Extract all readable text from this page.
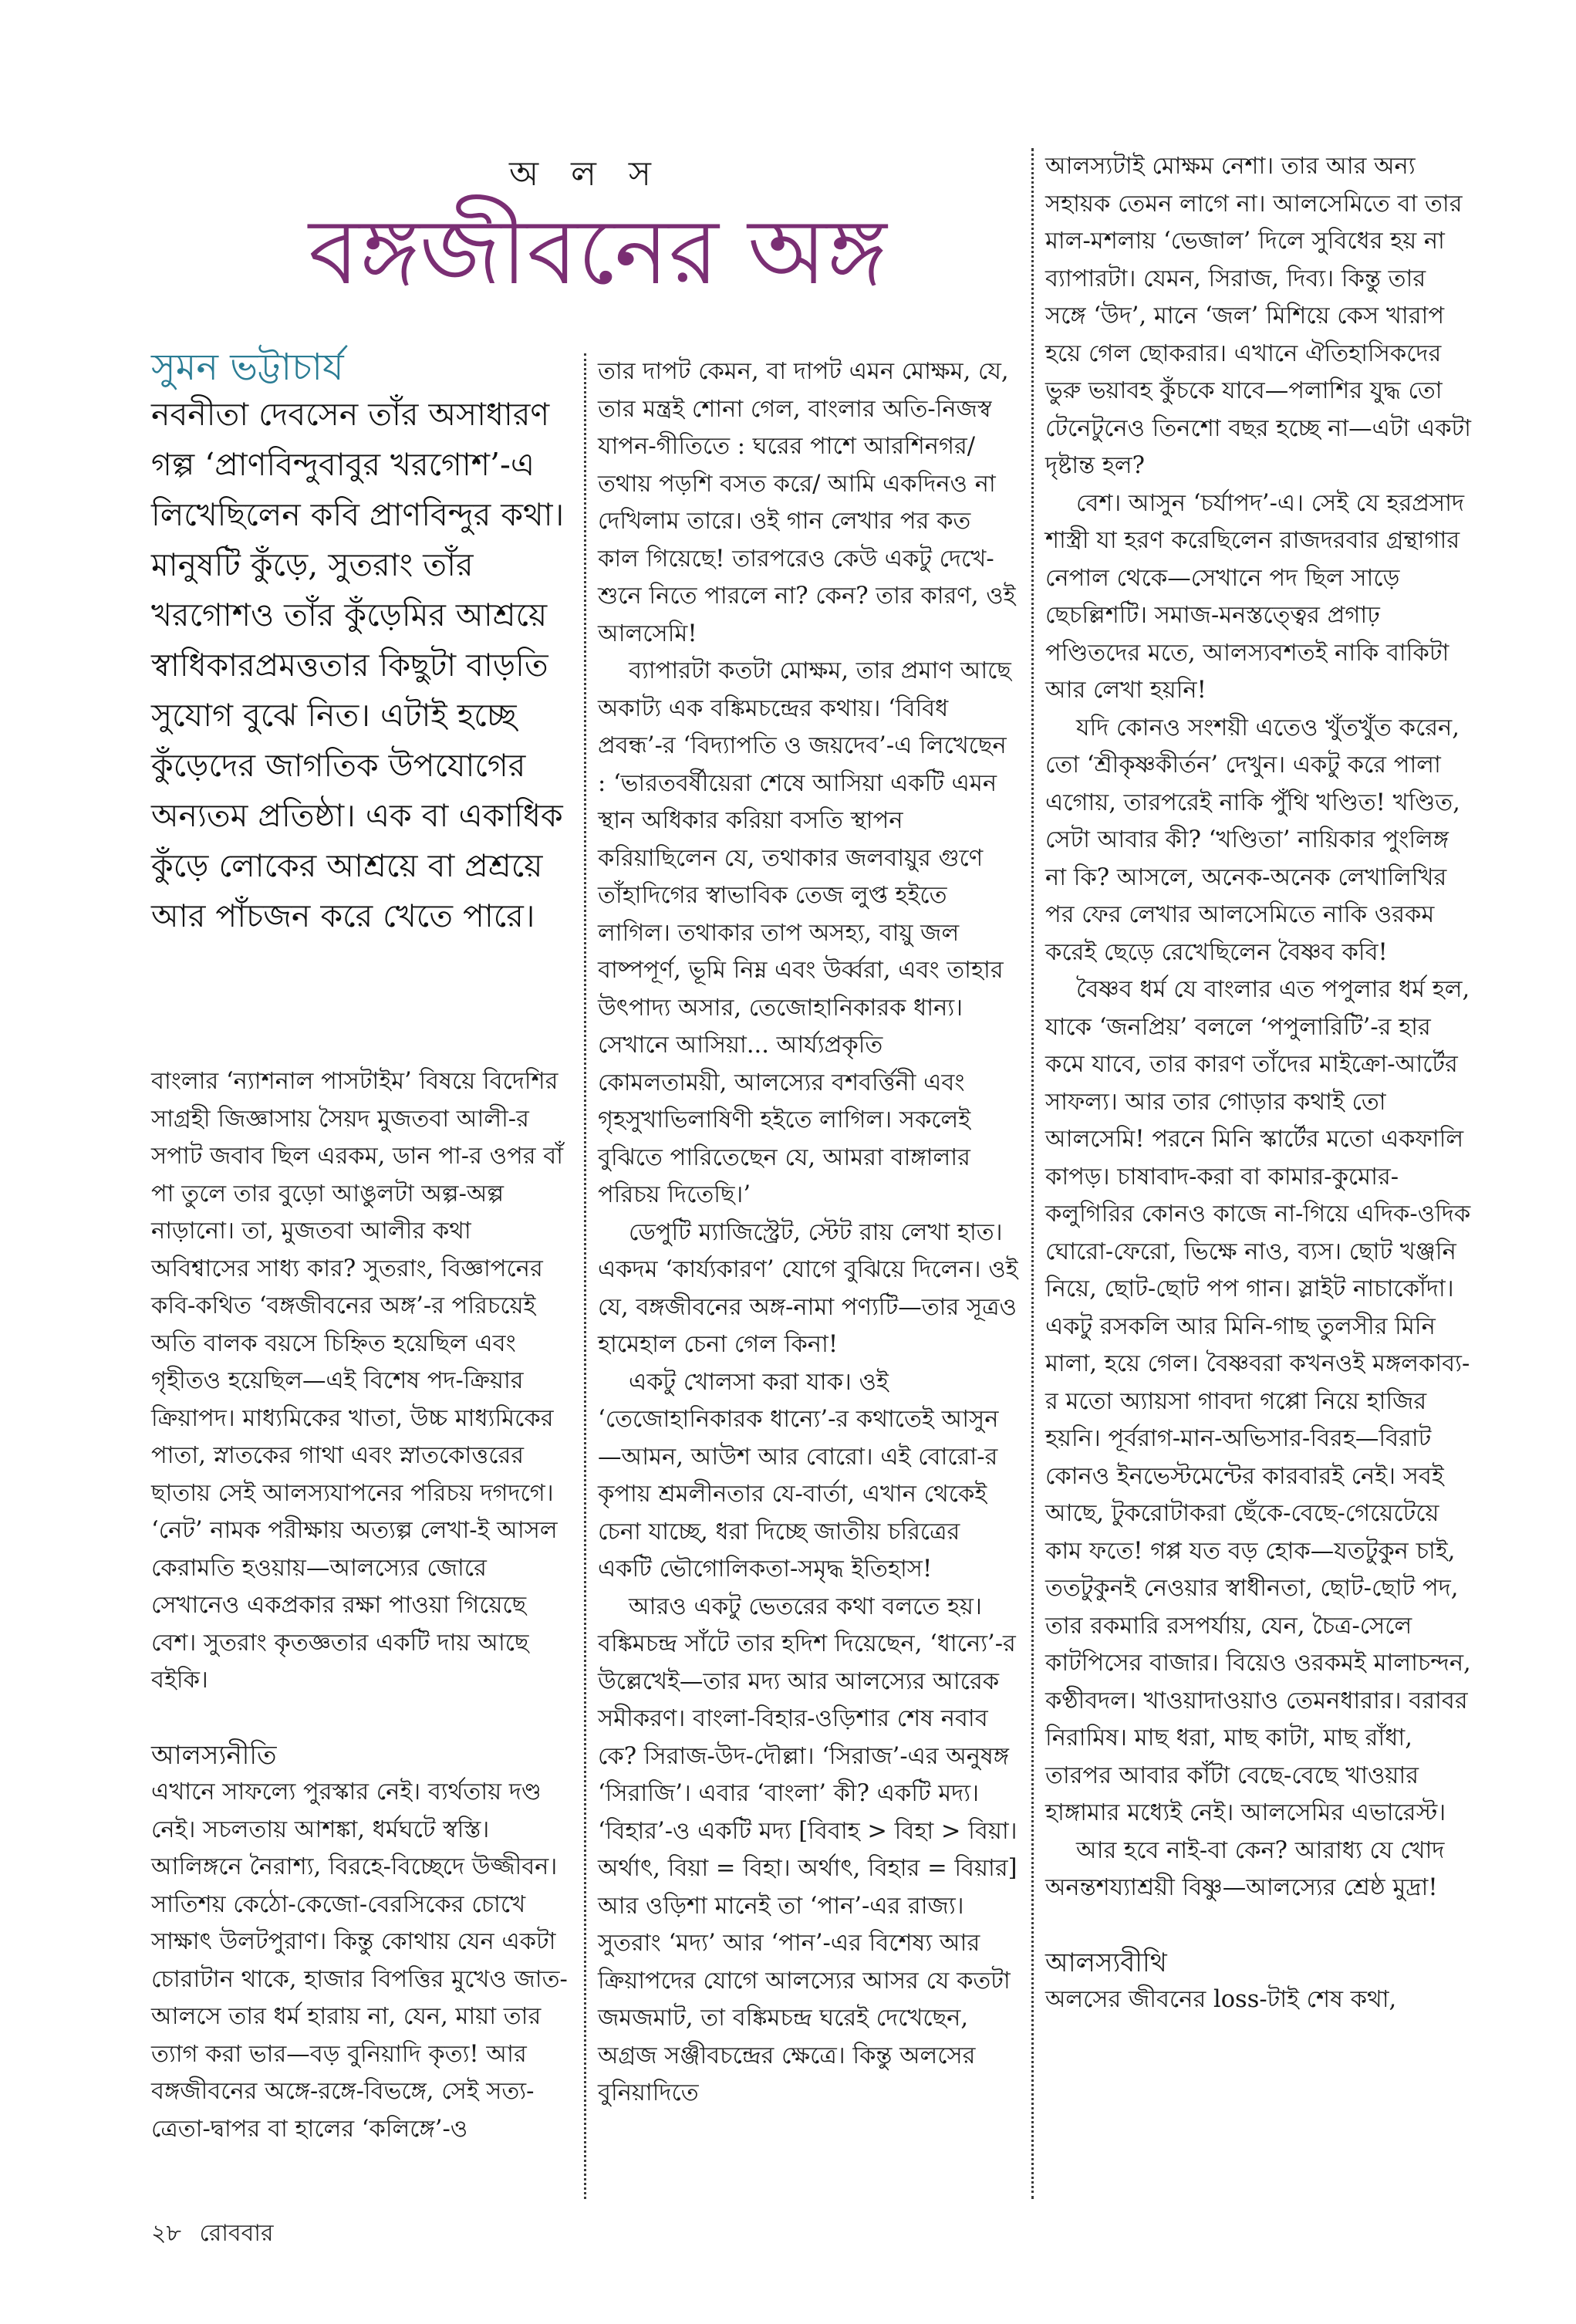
অ ল স
বঙ্গজীবনের অঙ্গ
সুমন ভট্টাচার্য

নবনীতা দেবসেন তাঁর অসাধারণ গল্প ‘প্রাণবিন্দুবাবুর খরগোশ’-এ লিখেছিলেন কবি প্রাণবিন্দুর কথা। মানুষটি কুঁড়ে, সুতরাং তাঁর খরগোশও তাঁর কুঁড়েমির আশ্রয়ে স্বাধিকারপ্রমত্ততার কিছুটা বাড়তি সুযোগ বুঝে নিত। এটাই হচ্ছে কুঁড়েদের জাগতিক উপযোগের অন্যতম প্রতিষ্ঠা। এক বা একাধিক কুঁড়ে লোকের আশ্রয়ে বা প্রশ্রয়ে আর পাঁচজন করে খেতে পারে।

বাংলার ‘ন্যাশনাল পাসটাইম’ বিষয়ে বিদেশির সাগ্রহী জিজ্ঞাসায় সৈয়দ মুজতবা আলী-র সপাট জবাব ছিল এরকম, ডান পা-র ওপর বাঁ পা তুলে তার বুড়ো আঙুলটা অল্প-অল্প নাড়ানো। তা, মুজতবা আলীর কথা অবিশ্বাসের সাধ্য কার? সুতরাং, বিজ্ঞাপনের কবি-কথিত ‘বঙ্গজীবনের অঙ্গ’-র পরিচয়েই অতি বালক বয়সে চিহ্নিত হয়েছিল এবং গৃহীতও হয়েছিল—এই বিশেষ পদ-ক্রিয়ার ক্রিয়াপদ। মাধ্যমিকের খাতা, উচ্চ মাধ্যমিকের পাতা, স্নাতকের গাথা এবং স্নাতকোত্তরের ছাতায় সেই আলস্যযাপনের পরিচয় দগদগে। ‘নেট’ নামক পরীক্ষায় অত্যল্প লেখা-ই আসল কেরামতি হওয়ায়—আলস্যের জোরে সেখানেও একপ্রকার রক্ষা পাওয়া গিয়েছে বেশ। সুতরাং কৃতজ্ঞতার একটি দায় আছে বইকি।

আলস্যনীতি

এখানে সাফল্যে পুরস্কার নেই। ব্যর্থতায় দণ্ড নেই। সচলতায় আশঙ্কা, ধর্মঘটে স্বস্তি। আলিঙ্গনে নৈরাশ্য, বিরহে-বিচ্ছেদে উজ্জীবন। সাতিশয় কেঠো-কেজো-বেরসিকের চোখে সাক্ষাৎ উলটপুরাণ। কিন্তু কোথায় যেন একটা চোরাটান থাকে, হাজার বিপত্তির মুখেও জাত-আলসে তার ধর্ম হারায় না, যেন, মায়া তার ত্যাগ করা ভার—বড় বুনিয়াদি কৃত্য! আর বঙ্গজীবনের অঙ্গে-রঙ্গে-বিভঙ্গে, সেই সত্য-ত্রেতা-দ্বাপর বা হালের ‘কলিঙ্গে’-ও

তার দাপট কেমন, বা দাপট এমন মোক্ষম, যে, তার মন্ত্রই শোনা গেল, বাংলার অতি-নিজস্ব যাপন-গীতিতে : ঘরের পাশে আরশিনগর/ তথায় পড়শি বসত করে/ আমি একদিনও না দেখিলাম তারে। ওই গান লেখার পর কত কাল গিয়েছে! তারপরেও কেউ একটু দেখে-শুনে নিতে পারলে না? কেন? তার কারণ, ওই আলসেমি!

ব্যাপারটা কতটা মোক্ষম, তার প্রমাণ আছে অকাট্য এক বঙ্কিমচন্দ্রের কথায়। ‘বিবিধ প্রবন্ধ’-র ‘বিদ্যাপতি ও জয়দেব’-এ লিখেছেন : ‘ভারতবর্ষীয়েরা শেষে আসিয়া একটি এমন স্থান অধিকার করিয়া বসতি স্থাপন করিয়াছিলেন যে, তথাকার জলবায়ুর গুণে তাঁহাদিগের স্বাভাবিক তেজ লুপ্ত হইতে লাগিল। তথাকার তাপ অসহ্য, বায়ু জল বাষ্পপূর্ণ, ভূমি নিম্ন এবং উর্ব্বরা, এবং তাহার উৎপাদ্য অসার, তেজোহানিকারক ধান্য। সেখানে আসিয়া... আর্য্যপ্রকৃতি কোমলতাময়ী, আলস্যের বশবর্ত্তিনী এবং গৃহসুখাভিলাষিণী হইতে লাগিল। সকলেই বুঝিতে পারিতেছেন যে, আমরা বাঙ্গালার পরিচয় দিতেছি।’

ডেপুটি ম্যাজিস্ট্রেট, স্টেট রায় লেখা হাত। একদম ‘কার্য্যকারণ’ যোগে বুঝিয়ে দিলেন। ওই যে, বঙ্গজীবনের অঙ্গ-নামা পণ্যটি—তার সূত্রও হামেহাল চেনা গেল কিনা!

একটু খোলসা করা যাক। ওই ‘তেজোহানিকারক ধান্যে’-র কথাতেই আসুন—আমন, আউশ আর বোরো। এই বোরো-র কৃপায় শ্রমলীনতার যে-বার্তা, এখান থেকেই চেনা যাচ্ছে, ধরা দিচ্ছে জাতীয় চরিত্রের একটি ভৌগোলিকতা-সমৃদ্ধ ইতিহাস!

আরও একটু ভেতরের কথা বলতে হয়। বঙ্কিমচন্দ্র সাঁটে তার হদিশ দিয়েছেন, ‘ধান্যে’-র উল্লেখেই—তার মদ্য আর আলস্যের আরেক সমীকরণ। বাংলা-বিহার-ওড়িশার শেষ নবাব কে? সিরাজ-উদ-দৌল্লা। ‘সিরাজ’-এর অনুষঙ্গ ‘সিরাজি’। এবার ‘বাংলা’ কী? একটি মদ্য। ‘বিহার’-ও একটি মদ্য [বিবাহ > বিহা > বিয়া। অর্থাৎ, বিয়া = বিহা। অর্থাৎ, বিহার = বিয়ার] আর ওড়িশা মানেই তা ‘পান’-এর রাজ্য। সুতরাং ‘মদ্য’ আর ‘পান’-এর বিশেষ্য আর ক্রিয়াপদের যোগে আলস্যের আসর যে কতটা জমজমাট, তা বঙ্কিমচন্দ্র ঘরেই দেখেছেন, অগ্রজ সঞ্জীবচন্দ্রের ক্ষেত্রে। কিন্তু অলসের বুনিয়াদিতে

আলস্যটাই মোক্ষম নেশা। তার আর অন্য সহায়ক তেমন লাগে না। আলসেমিতে বা তার মাল-মশলায় ‘ভেজাল’ দিলে সুবিধের হয় না ব্যাপারটা। যেমন, সিরাজ, দিব্য। কিন্তু তার সঙ্গে ‘উদ’, মানে ‘জল’ মিশিয়ে কেস খারাপ হয়ে গেল ছোকরার। এখানে ঐতিহাসিকদের ভুরু ভয়াবহ কুঁচকে যাবে—পলাশির যুদ্ধ তো টেনেটুনেও তিনশো বছর হচ্ছে না—এটা একটা দৃষ্টান্ত হল?

বেশ। আসুন ‘চর্যাপদ’-এ। সেই যে হরপ্রসাদ শাস্ত্রী যা হরণ করেছিলেন রাজদরবার গ্রন্থাগার নেপাল থেকে—সেখানে পদ ছিল সাড়ে ছেচল্লিশটি। সমাজ-মনস্তত্ত্বের প্রগাঢ় পণ্ডিতদের মতে, আলস্যবশতই নাকি বাকিটা আর লেখা হয়নি!

যদি কোনও সংশয়ী এতেও খুঁতখুঁত করেন, তো ‘শ্রীকৃষ্ণকীর্তন’ দেখুন। একটু করে পালা এগোয়, তারপরেই নাকি পুঁথি খণ্ডিত! খণ্ডিত, সেটা আবার কী? ‘খণ্ডিতা’ নায়িকার পুংলিঙ্গ না কি? আসলে, অনেক-অনেক লেখালিখির পর ফের লেখার আলসেমিতে নাকি ওরকম করেই ছেড়ে রেখেছিলেন বৈষ্ণব কবি!

বৈষ্ণব ধর্ম যে বাংলার এত পপুলার ধর্ম হল, যাকে ‘জনপ্রিয়’ বললে ‘পপুলারিটি’-র হার কমে যাবে, তার কারণ তাঁদের মাইক্রো-আর্টের সাফল্য। আর তার গোড়ার কথাই তো আলসেমি! পরনে মিনি স্কার্টের মতো একফালি কাপড়। চাষাবাদ-করা বা কামার-কুমোর-কলুগিরির কোনও কাজে না-গিয়ে এদিক-ওদিক ঘোরো-ফেরো, ভিক্ষে নাও, ব্যস। ছোট খঞ্জনি নিয়ে, ছোট-ছোট পপ গান। স্লাইট নাচাকোঁদা। একটু রসকলি আর মিনি-গাছ তুলসীর মিনি মালা, হয়ে গেল। বৈষ্ণবরা কখনওই মঙ্গলকাব্য-র মতো অ্যায়সা গাবদা গপ্পো নিয়ে হাজির হয়নি। পূর্বরাগ-মান-অভিসার-বিরহ—বিরাট কোনও ইনভেস্টমেন্টের কারবারই নেই। সবই আছে, টুকরোটাকরা ছেঁকে-বেছে-গেয়েটেয়ে কাম ফতে! গপ্প যত বড় হোক—যতটুকুন চাই, ততটুকুনই নেওয়ার স্বাধীনতা, ছোট-ছোট পদ, তার রকমারি রসপর্যায়, যেন, চৈত্র-সেলে কাটপিসের বাজার। বিয়েও ওরকমই মালাচন্দন, কণ্ঠীবদল। খাওয়াদাওয়াও তেমনধারার। বরাবর নিরামিষ। মাছ ধরা, মাছ কাটা, মাছ রাঁধা, তারপর আবার কাঁটা বেছে-বেছে খাওয়ার হাঙ্গামার মধ্যেই নেই। আলসেমির এভারেস্ট।

আর হবে নাই-বা কেন? আরাধ্য যে খোদ অনন্তশয্যাশ্রয়ী বিষ্ণু—আলস্যের শ্রেষ্ঠ মুদ্রা!

আলস্যবীথি

অলসের জীবনের loss-টাই শেষ কথা,

২৮ রোববার
